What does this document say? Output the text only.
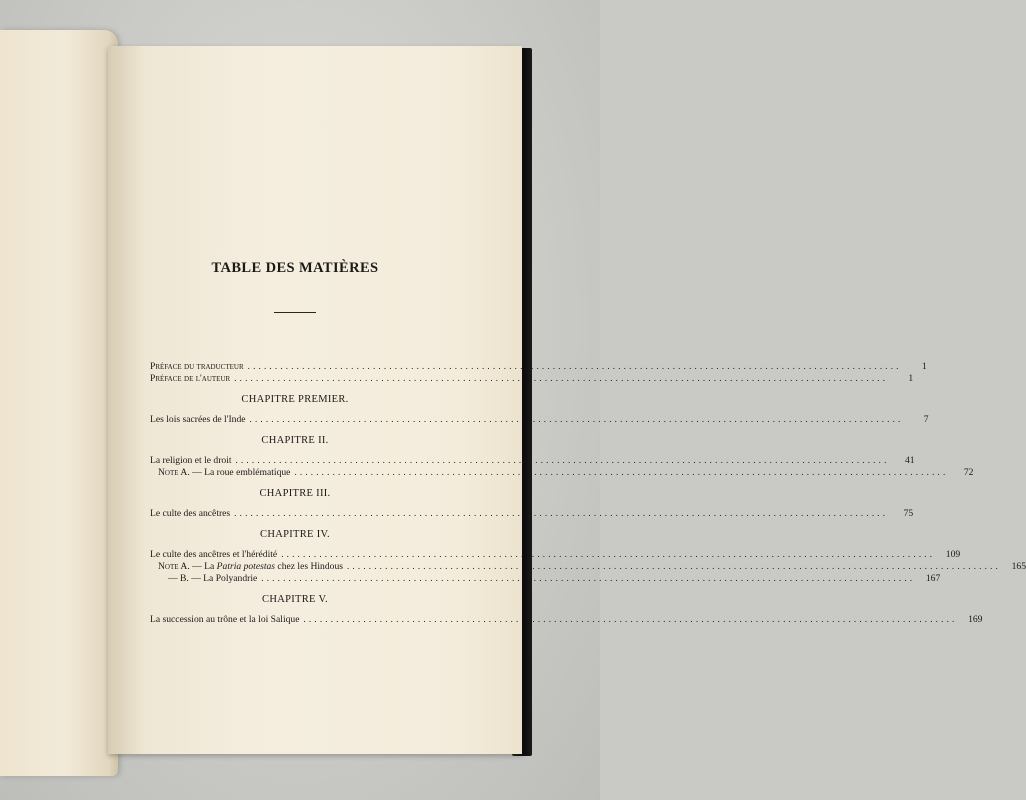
TABLE DES MATIÈRES
Préface du traducteur ........................................................................................................................	1
Préface de l'auteur ........................................................................................................................	1
CHAPITRE PREMIER.
Les lois sacrées de l'Inde ........................................................................................................................	7
CHAPITRE II.
La religion et le droit ........................................................................................................................	41
Note A. — La roue emblématique ........................................................................................................................	72
CHAPITRE III.
Le culte des ancêtres ........................................................................................................................	75
CHAPITRE IV.
Le culte des ancêtres et l'hérédité ........................................................................................................................	109
Note A. — La Patria potestas chez les Hindous ........................................................................................................................	165
— B. — La Polyandrie ........................................................................................................................	167
CHAPITRE V.
La succession au trône et la loi Salique ........................................................................................................................	169
